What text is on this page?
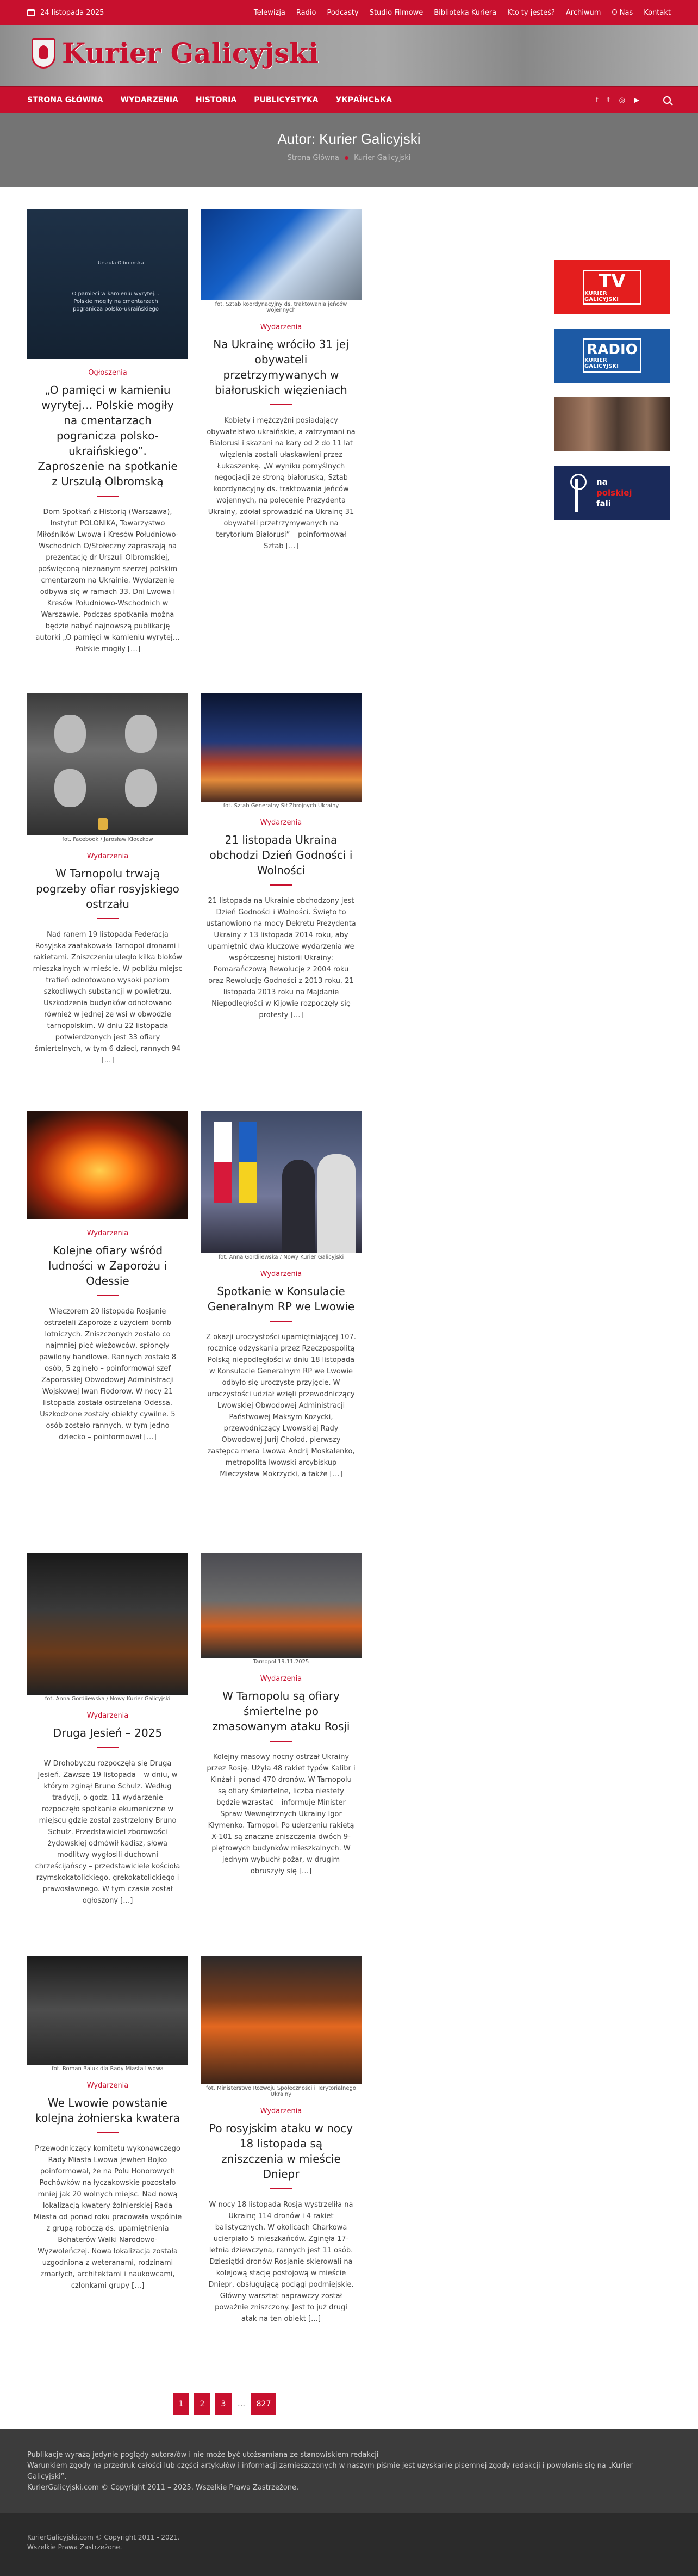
24 listopada 2025	Telewizja Radio Podcasty Studio Filmowe Biblioteka Kuriera Kto ty jesteś? Archiwum O Nas Kontakt
Kurier Galicyjski
STRONA GŁÓWNA WYDARZENIA HISTORIA PUBLICYSTYKA УКРАЇНСЬКА	f 𝕥 ◎ ▶
Autor: Kurier Galicyjski
Strona Główna Kurier Galicyjski
Urszula Olbromska
O pamięci w kamieniu wyrytej… Polskie mogiły na cmentarzach pogranicza polsko-ukraińskiego
Ogłoszenia
„O pamięci w kamieniu wyrytej… Polskie mogiły na cmentarzach pogranicza polsko-ukraińskiego”. Zaproszenie na spotkanie z Urszulą Olbromską
Dom Spotkań z Historią (Warszawa), Instytut POLONIKA, Towarzystwo Miłośników Lwowa i Kresów Południowo-Wschodnich O/Stołeczny zapraszają na prezentację dr Urszuli Olbromskiej, poświęconą nieznanym szerzej polskim cmentarzom na Ukrainie. Wydarzenie odbywa się w ramach 33. Dni Lwowa i Kresów Południowo-Wschodnich w Warszawie. Podczas spotkania można będzie nabyć najnowszą publikację autorki „O pamięci w kamieniu wyrytej… Polskie mogiły […]
fot. Sztab koordynacyjny ds. traktowania jeńców wojennych
Wydarzenia
Na Ukrainę wróciło 31 jej obywateli przetrzymywanych w białoruskich więzieniach
Kobiety i mężczyźni posiadający obywatelstwo ukraińskie, a zatrzymani na Białorusi i skazani na kary od 2 do 11 lat więzienia zostali ułaskawieni przez Łukaszenkę. „W wyniku pomyślnych negocjacji ze stroną białoruską, Sztab koordynacyjny ds. traktowania jeńców wojennych, na polecenie Prezydenta Ukrainy, zdołał sprowadzić na Ukrainę 31 obywateli przetrzymywanych na terytorium Białorusi” – poinformował Sztab […]
fot. Facebook / Jarosław Kłoczkow
Wydarzenia
W Tarnopolu trwają pogrzeby ofiar rosyjskiego ostrzału
Nad ranem 19 listopada Federacja Rosyjska zaatakowała Tarnopol dronami i rakietami. Zniszczeniu uległo kilka bloków mieszkalnych w mieście. W pobliżu miejsc trafień odnotowano wysoki poziom szkodliwych substancji w powietrzu. Uszkodzenia budynków odnotowano również w jednej ze wsi w obwodzie tarnopolskim. W dniu 22 listopada potwierdzonych jest 33 ofiary śmiertelnych, w tym 6 dzieci, rannych 94 […]
fot. Sztab Generalny Sił Zbrojnych Ukrainy
Wydarzenia
21 listopada Ukraina obchodzi Dzień Godności i Wolności
21 listopada na Ukrainie obchodzony jest Dzień Godności i Wolności. Święto to ustanowiono na mocy Dekretu Prezydenta Ukrainy z 13 listopada 2014 roku, aby upamiętnić dwa kluczowe wydarzenia we współczesnej historii Ukrainy: Pomarańczową Rewolucję z 2004 roku oraz Rewolucję Godności z 2013 roku. 21 listopada 2013 roku na Majdanie Niepodległości w Kijowie rozpoczęły się protesty […]
Wydarzenia
Kolejne ofiary wśród ludności w Zaporożu i Odessie
Wieczorem 20 listopada Rosjanie ostrzelali Zaporoże z użyciem bomb lotniczych. Zniszczonych zostało co najmniej pięć wieżowców, spłonęły pawilony handlowe. Rannych zostało 8 osób, 5 zginęło – poinformował szef Zaporoskiej Obwodowej Administracji Wojskowej Iwan Fiodorow. W nocy 21 listopada została ostrzelana Odessa. Uszkodzone zostały obiekty cywilne. 5 osób zostało rannych, w tym jedno dziecko – poinformował […]
fot. Anna Gordiiewska / Nowy Kurier Galicyjski
Wydarzenia
Spotkanie w Konsulacie Generalnym RP we Lwowie
Z okazji uroczystości upamiętniającej 107. rocznicę odzyskania przez Rzeczpospolitą Polską niepodległości w dniu 18 listopada w Konsulacie Generalnym RP we Lwowie odbyło się uroczyste przyjęcie. W uroczystości udział wzięli przewodniczący Lwowskiej Obwodowej Administracji Państwowej Maksym Kozycki, przewodniczący Lwowskiej Rady Obwodowej Jurij Chołod, pierwszy zastępca mera Lwowa Andrij Moskalenko, metropolita lwowski arcybiskup Mieczysław Mokrzycki, a także […]
fot. Anna Gordiiewska / Nowy Kurier Galicyjski
Wydarzenia
Druga Jesień – 2025
W Drohobyczu rozpoczęła się Druga Jesień. Zawsze 19 listopada – w dniu, w którym zginął Bruno Schulz. Według tradycji, o godz. 11 wydarzenie rozpoczęło spotkanie ekumeniczne w miejscu gdzie został zastrzelony Bruno Schulz. Przedstawiciel zborowości żydowskiej odmówił kadisz, słowa modlitwy wygłosili duchowni chrześcijańscy – przedstawiciele kościoła rzymskokatolickiego, grekokatolickiego i prawosławnego. W tym czasie został ogłoszony […]
Tarnopol 19.11.2025
Wydarzenia
W Tarnopolu są ofiary śmiertelne po zmasowanym ataku Rosji
Kolejny masowy nocny ostrzał Ukrainy przez Rosję. Użyła 48 rakiet typów Kalibr i Kinżał i ponad 470 dronów. W Tarnopolu są ofiary śmiertelne, liczba niestety będzie wzrastać – informuje Minister Spraw Wewnętrznych Ukrainy Igor Kłymenko. Tarnopol. Po uderzeniu rakietą X-101 są znaczne zniszczenia dwóch 9-piętrowych budynków mieszkalnych. W jednym wybuchł pożar, w drugim obruszyły się […]
fot. Roman Baluk dla Rady Miasta Lwowa
Wydarzenia
We Lwowie powstanie kolejna żołnierska kwatera
Przewodniczący komitetu wykonawczego Rady Miasta Lwowa Jewhen Bojko poinformował, że na Polu Honorowych Pochówków na łyczakowskie pozostało mniej jak 20 wolnych miejsc. Nad nową lokalizacją kwatery żołnierskiej Rada Miasta od ponad roku pracowała wspólnie z grupą roboczą ds. upamiętnienia Bohaterów Walki Narodowo-Wyzwoleńczej. Nowa lokalizacja została uzgodniona z weteranami, rodzinami zmarłych, architektami i naukowcami, członkami grupy […]
fot. Ministerstwo Rozwoju Społeczności i Terytorialnego Ukrainy
Wydarzenia
Po rosyjskim ataku w nocy 18 listopada są zniszczenia w mieście Dniepr
W nocy 18 listopada Rosja wystrzeliła na Ukrainę 114 dronów i 4 rakiet balistycznych. W okolicach Charkowa ucierpiało 5 mieszkańców. Zginęła 17-letnia dziewczyna, rannych jest 11 osób. Dziesiątki dronów Rosjanie skierowali na kolejową stację postojową w mieście Dniepr, obsługującą pociągi podmiejskie. Główny warsztat naprawczy został poważnie zniszczony. Jest to już drugi atak na ten obiekt […]
TV
KURIER GALICYJSKI
RADIO
KURIER GALICYJSKI
na
polskiej
fali
1	2	3	…	827
Publikacje wyrażą jedynie poglądy autora/ów i nie może być utożsamiana ze stanowiskiem redakcji
Warunkiem zgody na przedruk całości lub części artykułów i informacji zamieszczonych w naszym piśmie jest uzyskanie pisemnej zgody redakcji i powołanie się na „Kurier Galicyjski”.
KurierGalicyjski.com © Copyright 2011 – 2025. Wszelkie Prawa Zastrzeżone.
KurierGalicyjski.com © Copyright 2011 - 2021.
Wszelkie Prawa Zastrzeżone.
